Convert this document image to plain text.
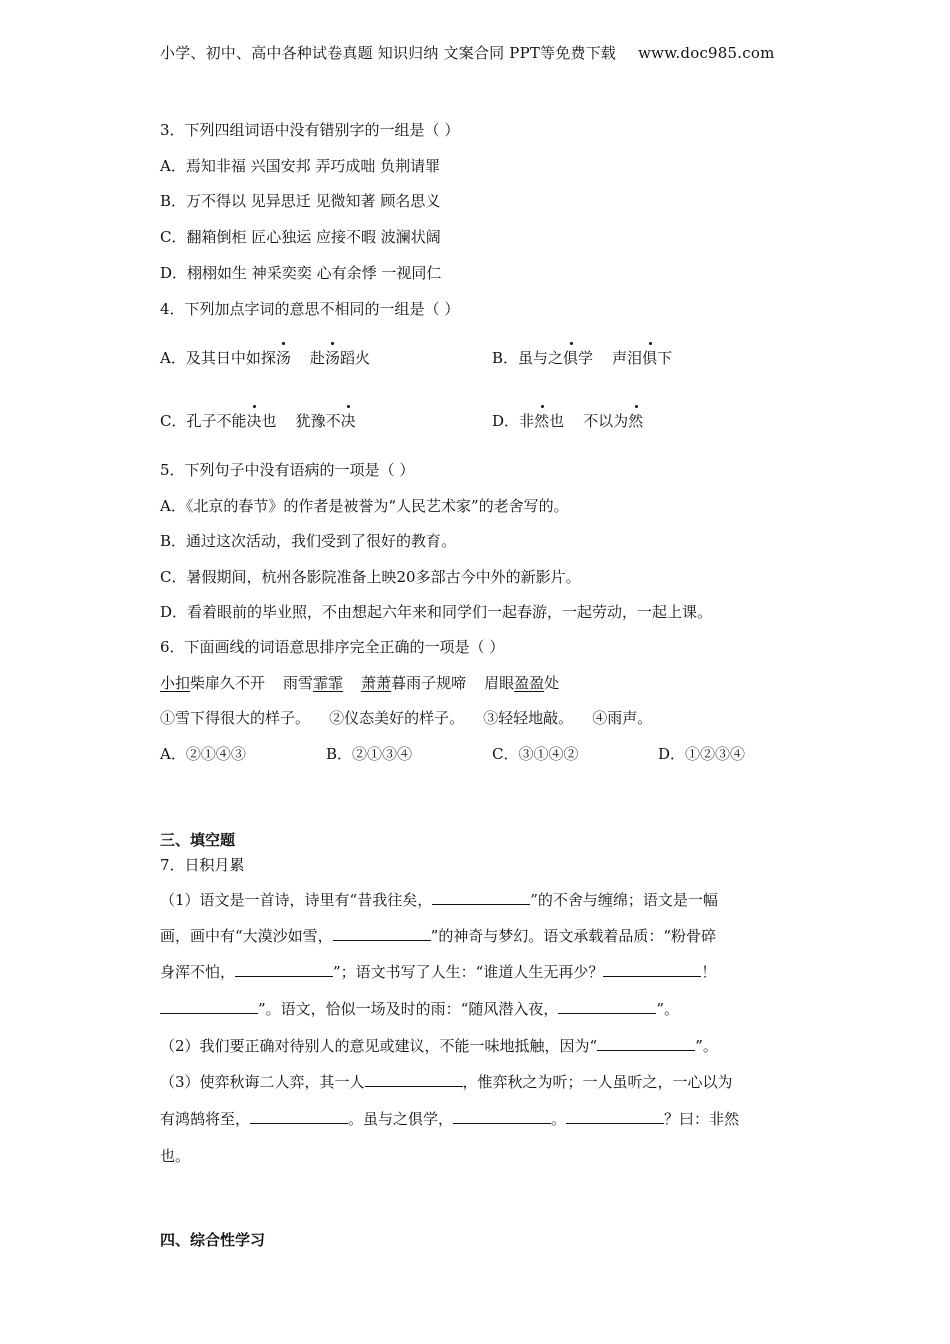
小学、初中、高中各种试卷真题 知识归纳 文案合同 PPT等免费下载 www.doc985.com
3．下列四组词语中没有错别字的一组是（ ）
A．焉知非福 兴国安邦 弄巧成咄 负荆请罪
B．万不得以 见异思迁 见微知著 顾名思义
C．翻箱倒柜 匠心独运 应接不暇 波澜状阔
D．栩栩如生 神采奕奕 心有余悸 一视同仁
4．下列加点字词的意思不相同的一组是（ ）
A．及其日中如探汤    赴汤蹈火	B．虽与之俱学    声泪俱下
C．孔子不能决也    犹豫不决	D．非然也    不以为然
5．下列句子中没有语病的一项是（ ）
A．《北京的春节》的作者是被誉为“人民艺术家”的老舍写的。
B．通过这次活动，我们受到了很好的教育。
C．暑假期间，杭州各影院准备上映20多部古今中外的新影片。
D．看着眼前的毕业照，不由想起六年来和同学们一起春游，一起劳动，一起上课。
6．下面画线的词语意思排序完全正确的一项是（ ）
小扣柴扉久不开 雨雪霏霏 萧萧暮雨子规啼 眉眼盈盈处
①雪下得很大的样子。    ②仪态美好的样子。    ③轻轻地敲。    ④雨声。
A．②①④③	B．②①③④	C．③①④②	D．①②③④
三、填空题
7．日积月累
（1）语文是一首诗，诗里有“昔我往矣，	”的不舍与缠绵；语文是一幅
画，画中有“大漠沙如雪，	”的神奇与梦幻。语文承载着品质：“粉骨碎
身浑不怕，	”；语文书写了人生：“谁道人生无再少？	！
”。语文，恰似一场及时的雨：“随风潜入夜，	”。
（2）我们要正确对待别人的意见或建议，不能一味地抵触，因为“	”。
（3）使弈秋诲二人弈，其一人	，惟弈秋之为听；一人虽听之，一心以为
有鸿鹄将至，	。虽与之俱学，	。	？曰：非然
也。
四、综合性学习
